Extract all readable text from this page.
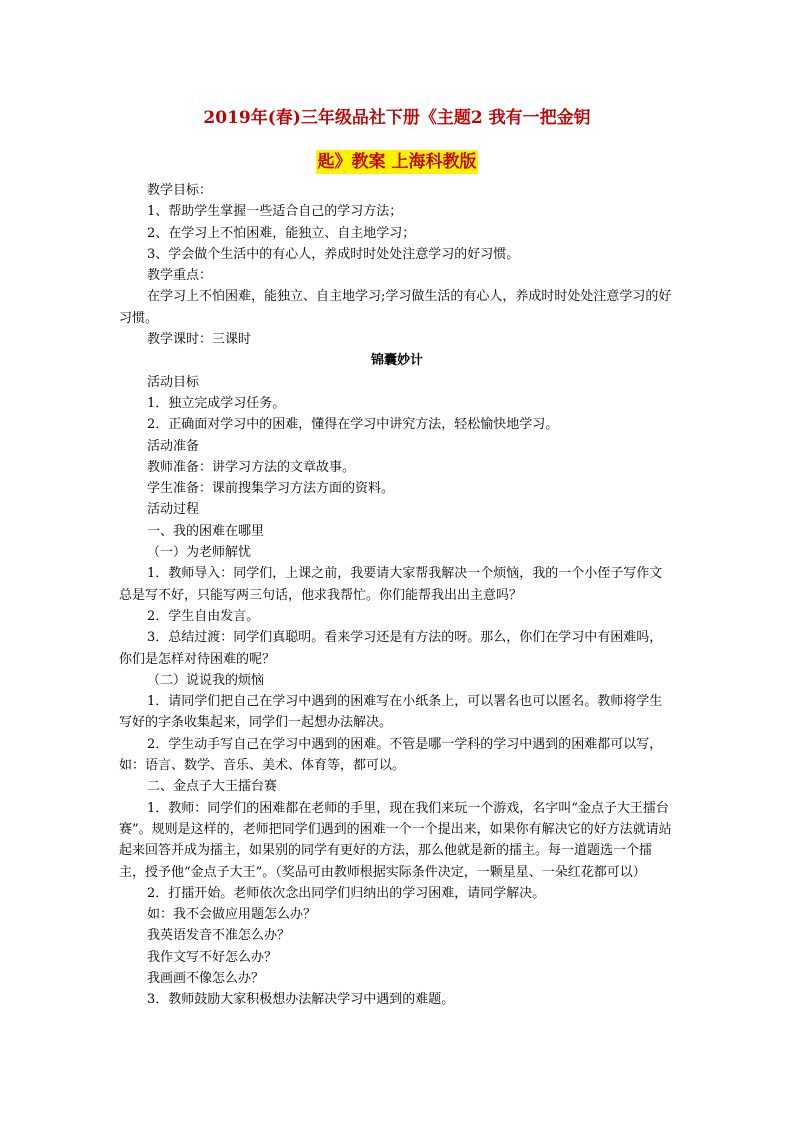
2019年(春)三年级品社下册《主题2 我有一把金钥
匙》教案 上海科教版

教学目标：

1、帮助学生掌握一些适合自己的学习方法；

2、在学习上不怕困难，能独立、自主地学习；

3、学会做个生活中的有心人，养成时时处处注意学习的好习惯。

教学重点：

在学习上不怕困难，能独立、自主地学习;学习做生活的有心人，养成时时处处注意学习的好习惯。

教学课时：三课时

锦囊妙计

活动目标

1．独立完成学习任务。

2．正确面对学习中的困难，懂得在学习中讲究方法，轻松愉快地学习。

活动准备

教师准备：讲学习方法的文章故事。

学生准备：课前搜集学习方法方面的资料。

活动过程

一、我的困难在哪里

（一）为老师解忧

1．教师导入：同学们，上课之前，我要请大家帮我解决一个烦恼，我的一个小侄子写作文总是写不好，只能写两三句话，他求我帮忙。你们能帮我出出主意吗？

2．学生自由发言。

3．总结过渡：同学们真聪明。看来学习还是有方法的呀。那么，你们在学习中有困难吗，你们是怎样对待困难的呢？

（二）说说我的烦恼

1．请同学们把自己在学习中遇到的困难写在小纸条上，可以署名也可以匿名。教师将学生写好的字条收集起来，同学们一起想办法解决。

2．学生动手写自己在学习中遇到的困难。不管是哪一学科的学习中遇到的困难都可以写，如：语言、数学、音乐、美术、体育等，都可以。

二、金点子大王擂台赛

1．教师：同学们的困难都在老师的手里，现在我们来玩一个游戏，名字叫“金点子大王擂台赛”。规则是这样的，老师把同学们遇到的困难一个一个提出来，如果你有解决它的好方法就请站起来回答并成为擂主，如果别的同学有更好的方法，那么他就是新的擂主。每一道题选一个擂主，授予他“金点子大王”。（奖品可由教师根据实际条件决定，一颗星星、一朵红花都可以）

2．打擂开始。老师依次念出同学们归纳出的学习困难，请同学解决。

如：我不会做应用题怎么办？

我英语发音不准怎么办？

我作文写不好怎么办？

我画画不像怎么办？

3．教师鼓励大家积极想办法解决学习中遇到的难题。
